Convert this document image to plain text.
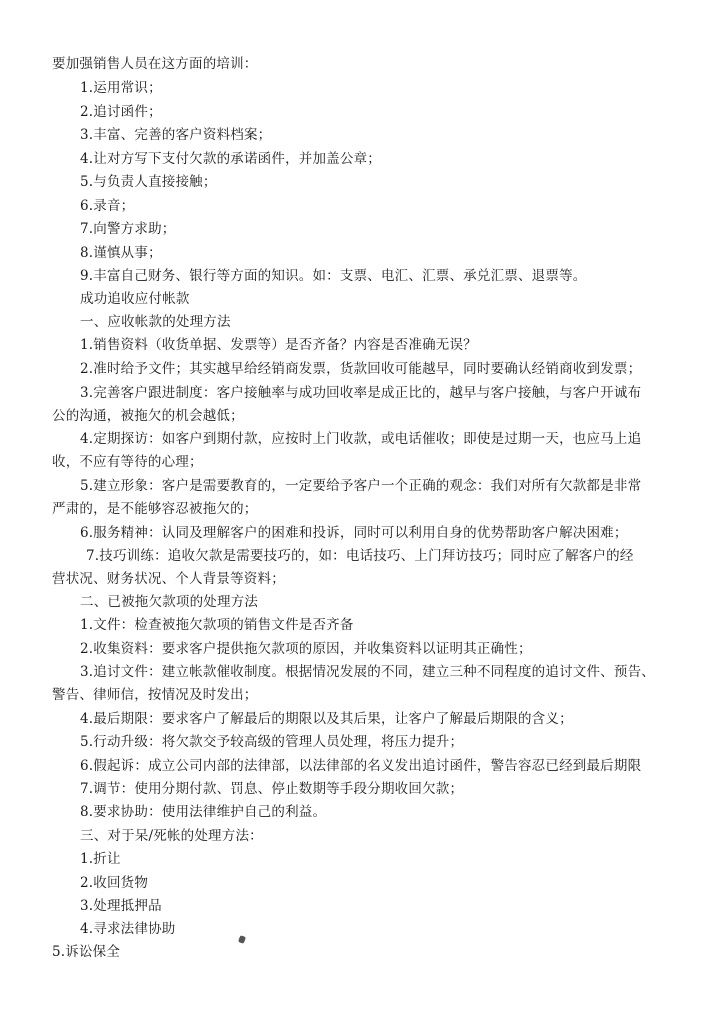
要加强销售人员在这方面的培训：
1.运用常识；
2.追讨函件；
3.丰富、完善的客户资料档案；
4.让对方写下支付欠款的承诺函件，并加盖公章；
5.与负责人直接接触；
6.录音；
7.向警方求助；
8.谨慎从事；
9.丰富自己财务、银行等方面的知识。如：支票、电汇、汇票、承兑汇票、退票等。
成功追收应付帐款
一、应收帐款的处理方法
1.销售资料（收货单据、发票等）是否齐备？内容是否准确无误？
2.准时给予文件；其实越早给经销商发票，货款回收可能越早，同时要确认经销商收到发票；
3.完善客户跟进制度：客户接触率与成功回收率是成正比的，越早与客户接触，与客户开诚布
公的沟通，被拖欠的机会越低；
4.定期探访：如客户到期付款，应按时上门收款，或电话催收；即使是过期一天，也应马上追
收，不应有等待的心理；
5.建立形象：客户是需要教育的，一定要给予客户一个正确的观念：我们对所有欠款都是非常
严肃的，是不能够容忍被拖欠的；
6.服务精神：认同及理解客户的困难和投诉，同时可以利用自身的优势帮助客户解决困难；
7.技巧训练：追收欠款是需要技巧的，如：电话技巧、上门拜访技巧；同时应了解客户的经
营状况、财务状况、个人背景等资料；
二、已被拖欠款项的处理方法
1.文件：检查被拖欠款项的销售文件是否齐备
2.收集资料：要求客户提供拖欠款项的原因，并收集资料以证明其正确性；
3.追讨文件：建立帐款催收制度。根据情况发展的不同，建立三种不同程度的追讨文件、预告、
警告、律师信，按情况及时发出；
4.最后期限：要求客户了解最后的期限以及其后果，让客户了解最后期限的含义；
5.行动升级：将欠款交予较高级的管理人员处理，将压力提升；
6.假起诉：成立公司内部的法律部，以法律部的名义发出追讨函件，警告容忍已经到最后期限
7.调节：使用分期付款、罚息、停止数期等手段分期收回欠款；
8.要求协助：使用法律维护自己的利益。
三、对于呆/死帐的处理方法：
1.折让
2.收回货物
3.处理抵押品
4.寻求法律协助
5.诉讼保全
